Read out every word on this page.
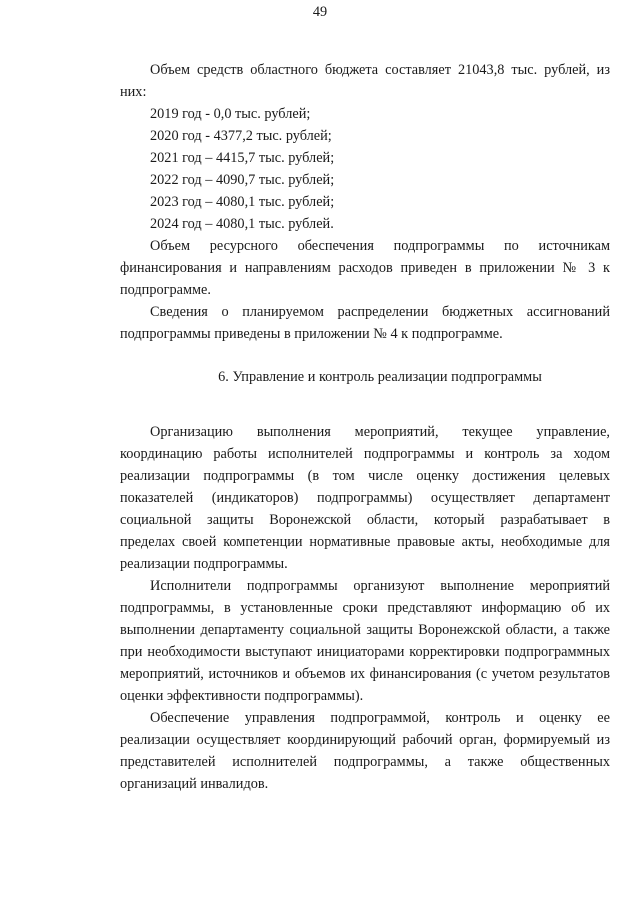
49

Объем средств областного бюджета составляет 21043,8 тыс. рублей, из

них:

2019 год - 0,0 тыс. рублей;

2020 год - 4377,2 тыс. рублей;

2021 год – 4415,7 тыс. рублей;

2022 год – 4090,7 тыс. рублей;

2023 год – 4080,1 тыс. рублей;

2024 год – 4080,1 тыс. рублей.

Объем ресурсного обеспечения подпрограммы по источникам

финансирования и направлениям расходов приведен в приложении № 3 к

подпрограмме.

Сведения о планируемом распределении бюджетных ассигнований

подпрограммы приведены в приложении № 4 к подпрограмме.

6. Управление и контроль реализации подпрограммы

Организацию выполнения мероприятий, текущее управление,

координацию работы исполнителей подпрограммы и контроль за ходом

реализации подпрограммы (в том числе оценку достижения целевых

показателей (индикаторов) подпрограммы) осуществляет департамент

социальной защиты Воронежской области, который разрабатывает в

пределах своей компетенции нормативные правовые акты, необходимые для

реализации подпрограммы.

Исполнители подпрограммы организуют выполнение мероприятий

подпрограммы, в установленные сроки представляют информацию об их

выполнении департаменту социальной защиты Воронежской области, а также

при необходимости выступают инициаторами корректировки подпрограммных

мероприятий, источников и объемов их финансирования (с учетом результатов

оценки эффективности подпрограммы).

Обеспечение управления подпрограммой, контроль и оценку ее

реализации осуществляет координирующий рабочий орган, формируемый из

представителей исполнителей подпрограммы, а также общественных

организаций инвалидов.
